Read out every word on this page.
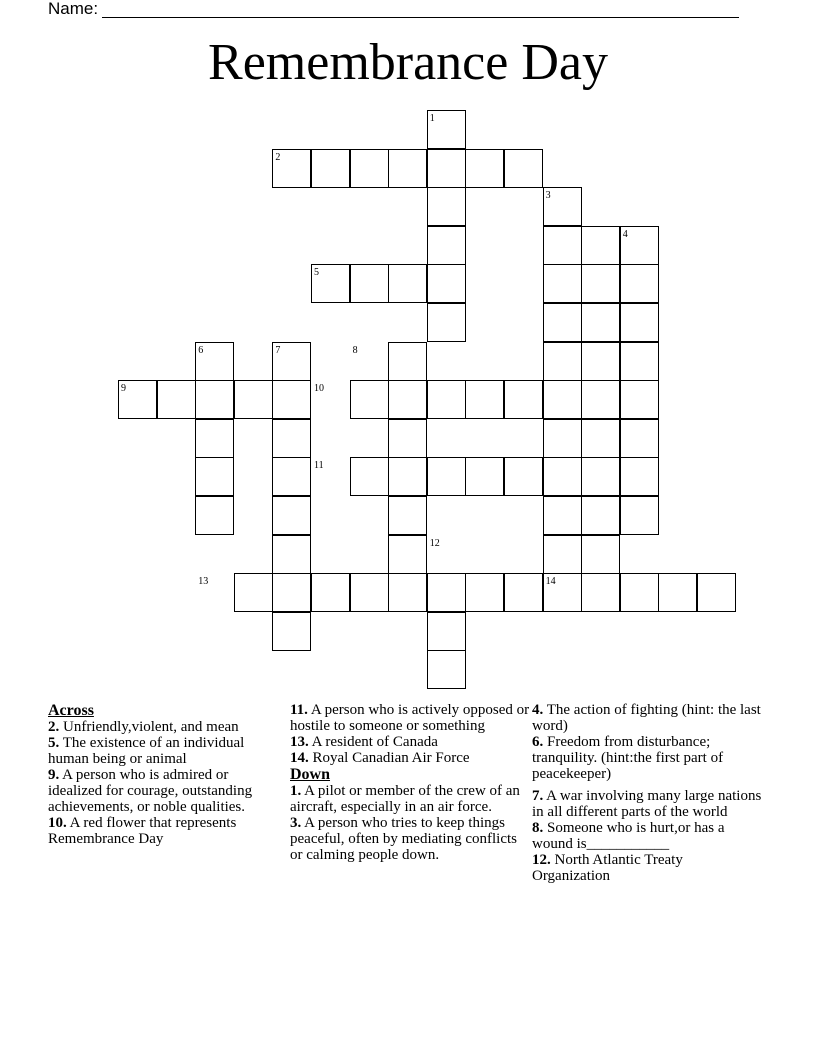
Name:
Remembrance Day
1
2
3
4
5
6	7	8
9	10
11
12
13	14
Across
2. Unfriendly,violent, and mean
5. The existence of an individual human being or animal
9. A person who is admired or idealized for courage, outstanding achievements, or noble qualities.
10. A red flower that represents Remembrance Day
11. A person who is actively opposed or hostile to someone or something
13. A resident of Canada
14. Royal Canadian Air Force
Down
1. A pilot or member of the crew of an aircraft, especially in an air force.
3. A person who tries to keep things peaceful, often by mediating conflicts or calming people down.
4. The action of fighting (hint: the last word)
6. Freedom from disturbance; tranquility. (hint:the first part of peacekeeper)
7. A war involving many large nations in all different parts of the world
8. Someone who is hurt,or has a wound is___________
12. North Atlantic Treaty Organization
